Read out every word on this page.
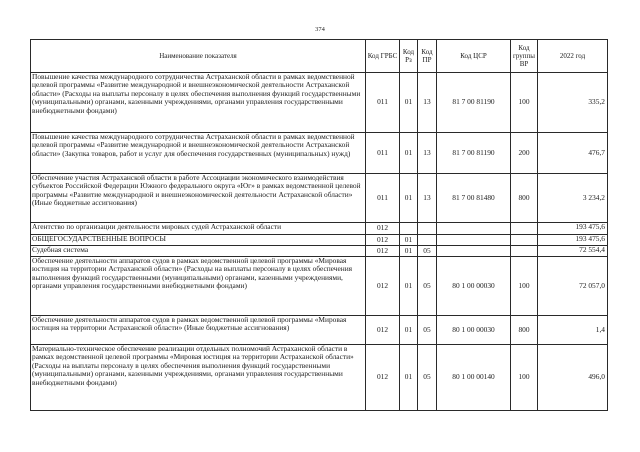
374
Наименование показателя	Код ГРБС	Код Рз	Код ПР	Код ЦСР	Код группы ВР	2022 год
Повышение качества международного сотрудничества Астраханской области в рамках ведомственной целевой программы «Развитие международной и внешнеэкономической деятельности Астраханской области» (Расходы на выплаты персоналу в целях обеспечения выполнения функций государственными (муниципальными) органами, казенными учреждениями, органами управления государственными внебюджетными фондами)	011	01	13	81 7 00 81190	100	335,2
Повышение качества международного сотрудничества Астраханской области в рамках ведомственной целевой программы «Развитие международной и внешнеэкономической деятельности Астраханской области» (Закупка товаров, работ и услуг для обеспечения государственных (муниципальных) нужд)	011	01	13	81 7 00 81190	200	476,7
Обеспечение участия Астраханской области в работе Ассоциации экономического взаимодействия субъектов Российской Федерации Южного федерального округа «Юг» в рамках ведомственной целевой программы «Развитие международной и внешнеэкономической деятельности Астраханской области» (Иные бюджетные ассигнования)	011	01	13	81 7 00 81480	800	3 234,2
Агентство по организации деятельности мировых судей Астраханской области	012					193 475,6
ОБЩЕГОСУДАРСТВЕННЫЕ ВОПРОСЫ	012	01				193 475,6
Судебная система	012	01	05			72 554,4
Обеспечение деятельности аппаратов судов в рамках ведомственной целевой программы «Мировая юстиция на территории Астраханской области» (Расходы на выплаты персоналу в целях обеспечения выполнения функций государственными (муниципальными) органами, казенными учреждениями, органами управления государственными внебюджетными фондами)	012	01	05	80 1 00 00030	100	72 057,0
Обеспечение деятельности аппаратов судов в рамках ведомственной целевой программы «Мировая юстиция на территории Астраханской области» (Иные бюджетные ассигнования)	012	01	05	80 1 00 00030	800	1,4
Материально-техническое обеспечение реализации отдельных полномочий Астраханской области в рамках ведомственной целевой программы «Мировая юстиция на территории Астраханской области» (Расходы на выплаты персоналу в целях обеспечения выполнения функций государственными (муниципальными) органами, казенными учреждениями, органами управления государственными внебюджетными фондами)	012	01	05	80 1 00 00140	100	496,0
